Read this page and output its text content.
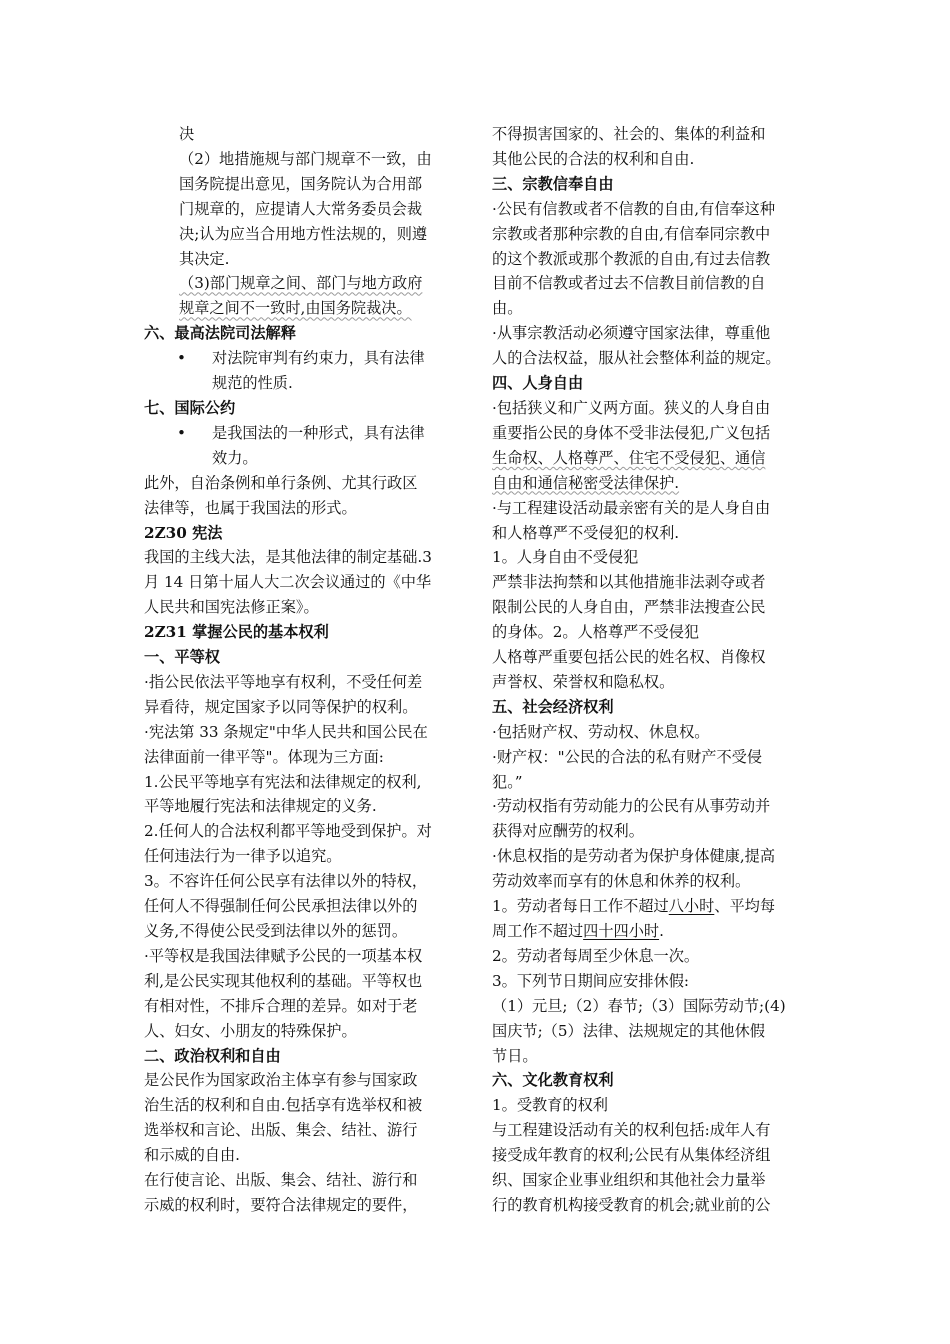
决

（2）地措施规与部门规章不一致，由

国务院提出意见，国务院认为合用部

门规章的，应提请人大常务委员会裁

决;认为应当合用地方性法规的，则遵

其决定.

（3)部门规章之间、部门与地方政府

规章之间不一致时,由国务院裁决。

六、最高法院司法解释

• 对法院审判有约束力，具有法律
规范的性质.

七、国际公约

• 是我国法的一种形式，具有法律
效力。

此外，自治条例和单行条例、尤其行政区

法律等，也属于我国法的形式。

2Z30 宪法

我国的主线大法，是其他法律的制定基础.3

月 14 日第十届人大二次会议通过的《中华

人民共和国宪法修正案》。

2Z31 掌握公民的基本权利

一、平等权

·指公民依法平等地享有权利，不受任何差

异看待，规定国家予以同等保护的权利。

·宪法第 33 条规定"中华人民共和国公民在

法律面前一律平等"。体现为三方面:

1.公民平等地享有宪法和法律规定的权利,

平等地履行宪法和法律规定的义务.

2.任何人的合法权利都平等地受到保护。对

任何违法行为一律予以追究。

3。不容许任何公民享有法律以外的特权，

任何人不得强制任何公民承担法律以外的

义务,不得使公民受到法律以外的惩罚。

·平等权是我国法律赋予公民的一项基本权

利,是公民实现其他权利的基础。平等权也

有相对性，不排斥合理的差异。如对于老

人、妇女、小朋友的特殊保护。

二、政治权利和自由

是公民作为国家政治主体享有参与国家政

治生活的权利和自由.包括享有选举权和被

选举权和言论、出版、集会、结社、游行

和示威的自由.

在行使言论、出版、集会、结社、游行和

示威的权利时，要符合法律规定的要件，

不得损害国家的、社会的、集体的利益和

其他公民的合法的权利和自由.

三、宗教信奉自由

·公民有信教或者不信教的自由,有信奉这种

宗教或者那种宗教的自由,有信奉同宗教中

的这个教派或那个教派的自由,有过去信教

目前不信教或者过去不信教目前信教的自

由。

·从事宗教活动必须遵守国家法律，尊重他

人的合法权益，服从社会整体利益的规定。

四、人身自由

·包括狭义和广义两方面。狭义的人身自由

重要指公民的身体不受非法侵犯,广义包括

生命权、人格尊严、住宅不受侵犯、通信

自由和通信秘密受法律保护.

·与工程建设活动最亲密有关的是人身自由

和人格尊严不受侵犯的权利.

1。人身自由不受侵犯

严禁非法拘禁和以其他措施非法剥夺或者

限制公民的人身自由，严禁非法搜查公民

的身体。2。人格尊严不受侵犯

人格尊严重要包括公民的姓名权、肖像权

声誉权、荣誉权和隐私权。

五、社会经济权利

·包括财产权、劳动权、休息权。

·财产权："公民的合法的私有财产不受侵

犯。”

·劳动权指有劳动能力的公民有从事劳动并

获得对应酬劳的权利。

·休息权指的是劳动者为保护身体健康,提高

劳动效率而享有的休息和休养的权利。

1。劳动者每日工作不超过八小时、平均每

周工作不超过四十四小时.

2。劳动者每周至少休息一次。

3。下列节日期间应安排休假:

（1）元旦;（2）春节;（3）国际劳动节;(4)

国庆节;（5）法律、法规规定的其他休假

节日。

六、文化教育权利

1。受教育的权利

与工程建设活动有关的权利包括:成年人有

接受成年教育的权利;公民有从集体经济组

织、国家企业事业组织和其他社会力量举

行的教育机构接受教育的机会;就业前的公
